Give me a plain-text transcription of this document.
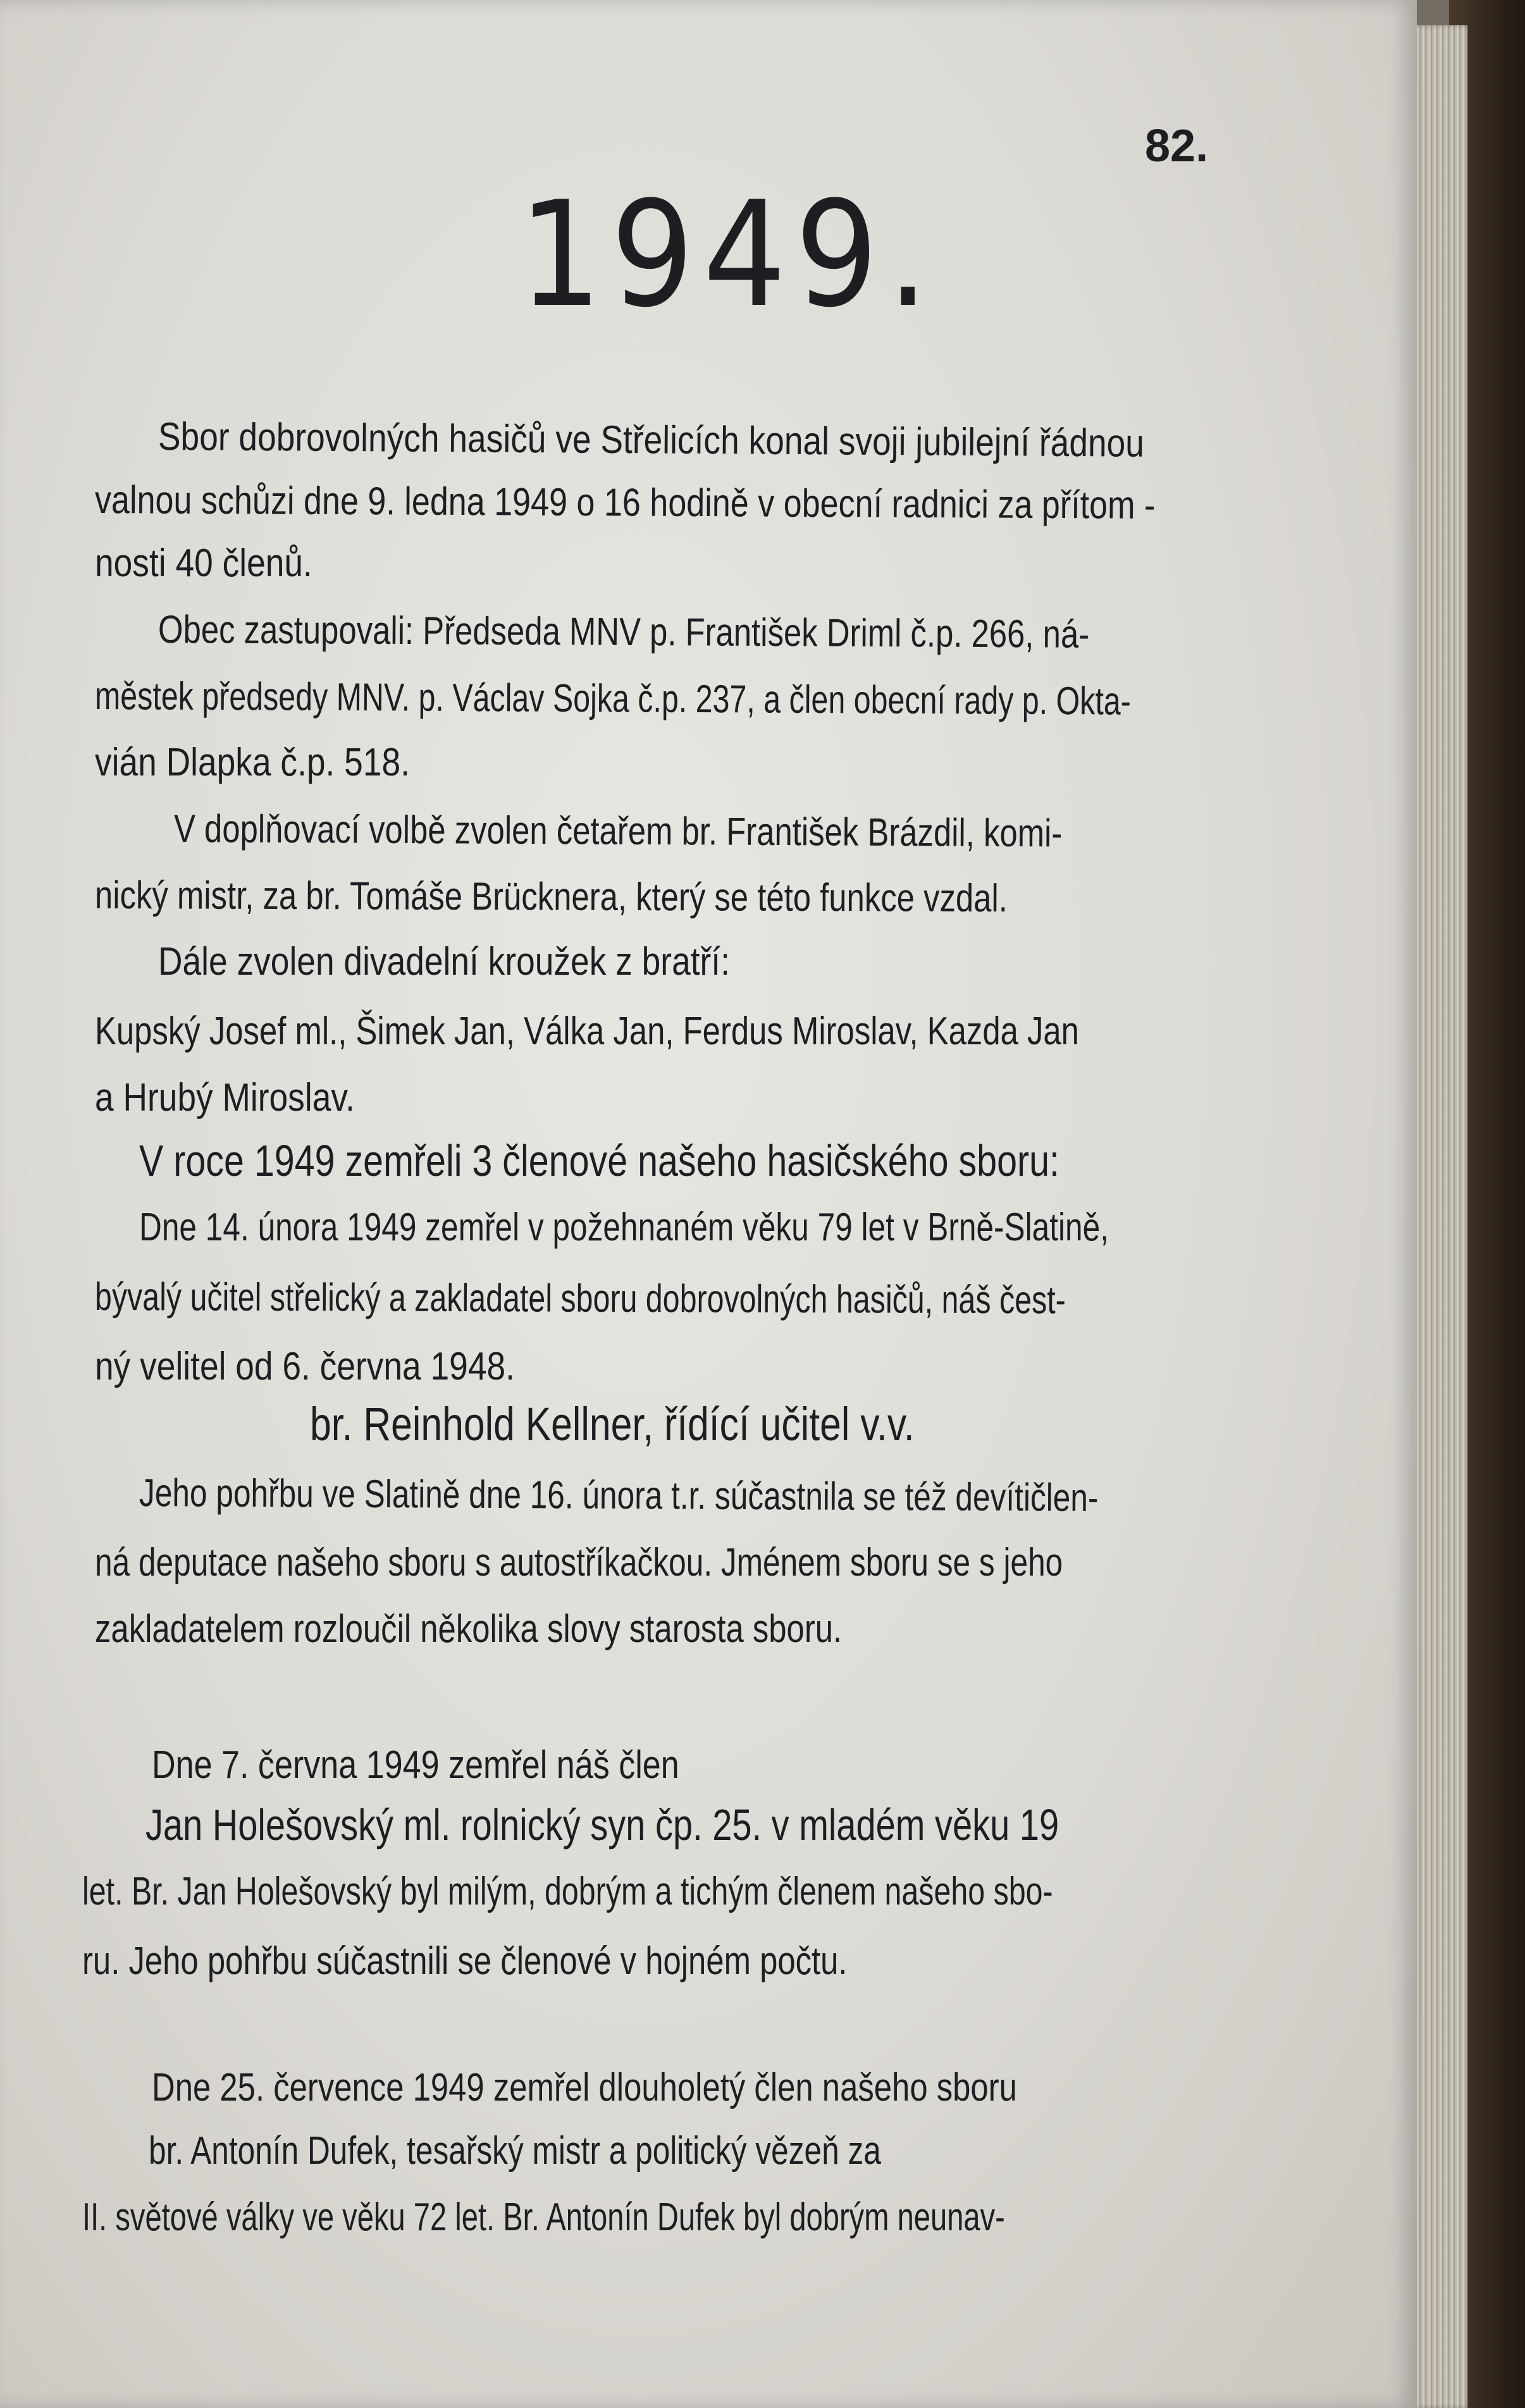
82.
1949.
Sbor dobrovolných hasičů ve Střelicích konal svoji jubilejní řádnou
valnou schůzi dne 9. ledna 1949 o 16 hodině v obecní radnici za přítom -
nosti 40 členů.
Obec zastupovali: Předseda MNV p. František Driml č.p. 266, ná-
městek předsedy MNV. p. Václav Sojka č.p. 237, a člen obecní rady p. Okta-
vián Dlapka č.p. 518.
V doplňovací volbě zvolen četařem br. František Brázdil, komi-
nický mistr, za br. Tomáše Brücknera, který se této funkce vzdal.
Dále zvolen divadelní kroužek z bratří:
Kupský Josef ml., Šimek Jan, Válka Jan, Ferdus Miroslav, Kazda Jan
a Hrubý Miroslav.
V roce 1949 zemřeli 3 členové našeho hasičského sboru:
Dne 14. února 1949 zemřel v požehnaném věku 79 let v Brně-Slatině,
bývalý učitel střelický a zakladatel sboru dobrovolných hasičů, náš čest-
ný velitel od 6. června 1948.
br. Reinhold Kellner, řídící učitel v.v.
Jeho pohřbu ve Slatině dne 16. února t.r. súčastnila se též devítičlen-
ná deputace našeho sboru s autostříkačkou. Jménem sboru se s jeho
zakladatelem rozloučil několika slovy starosta sboru.
Dne 7. června 1949 zemřel náš člen
Jan Holešovský ml. rolnický syn čp. 25. v mladém věku 19
let. Br. Jan Holešovský byl milým, dobrým a tichým členem našeho sbo-
ru. Jeho pohřbu súčastnili se členové v hojném počtu.
Dne 25. července 1949 zemřel dlouholetý člen našeho sboru
br. Antonín Dufek, tesařský mistr a politický vězeň za
II. světové války ve věku 72 let. Br. Antonín Dufek byl dobrým neunav-
